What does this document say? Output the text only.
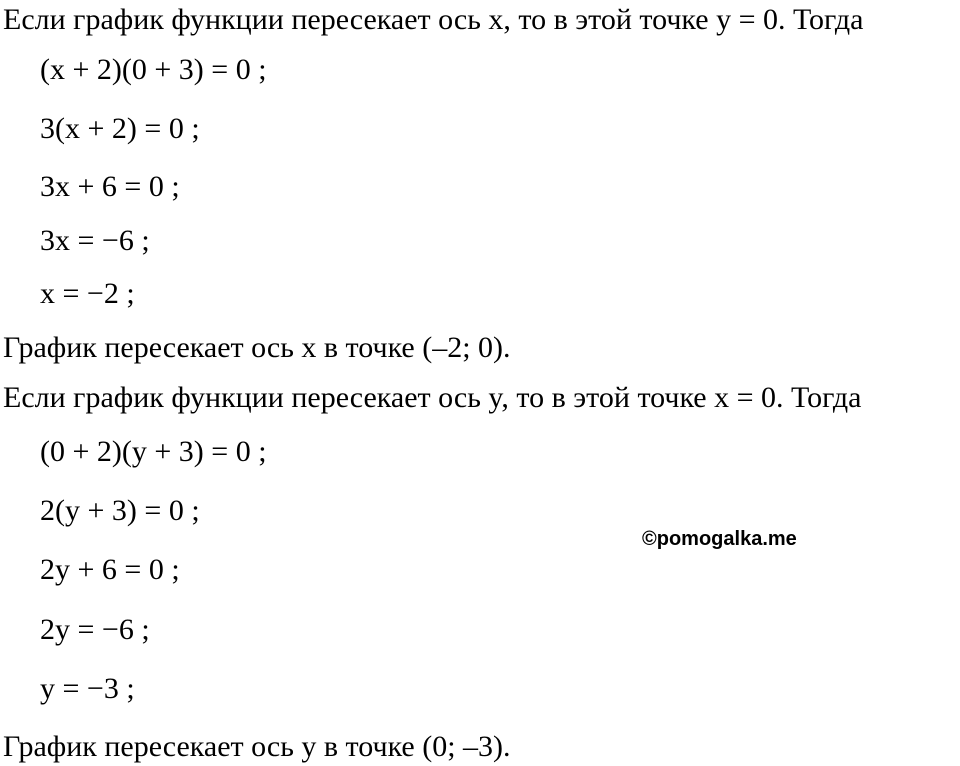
Если график функции пересекает ось x, то в этой точке y = 0. Тогда
(x + 2)(0 + 3) = 0 ;
3(x + 2) = 0 ;
3x + 6 = 0 ;
3x = −6 ;
x = −2 ;
График пересекает ось x в точке (–2; 0).
Если график функции пересекает ось y, то в этой точке x = 0. Тогда
(0 + 2)(y + 3) = 0 ;
2(y + 3) = 0 ;
2y + 6 = 0 ;
2y = −6 ;
y = −3 ;
График пересекает ось y в точке (0; –3).
©pomogalka.me
